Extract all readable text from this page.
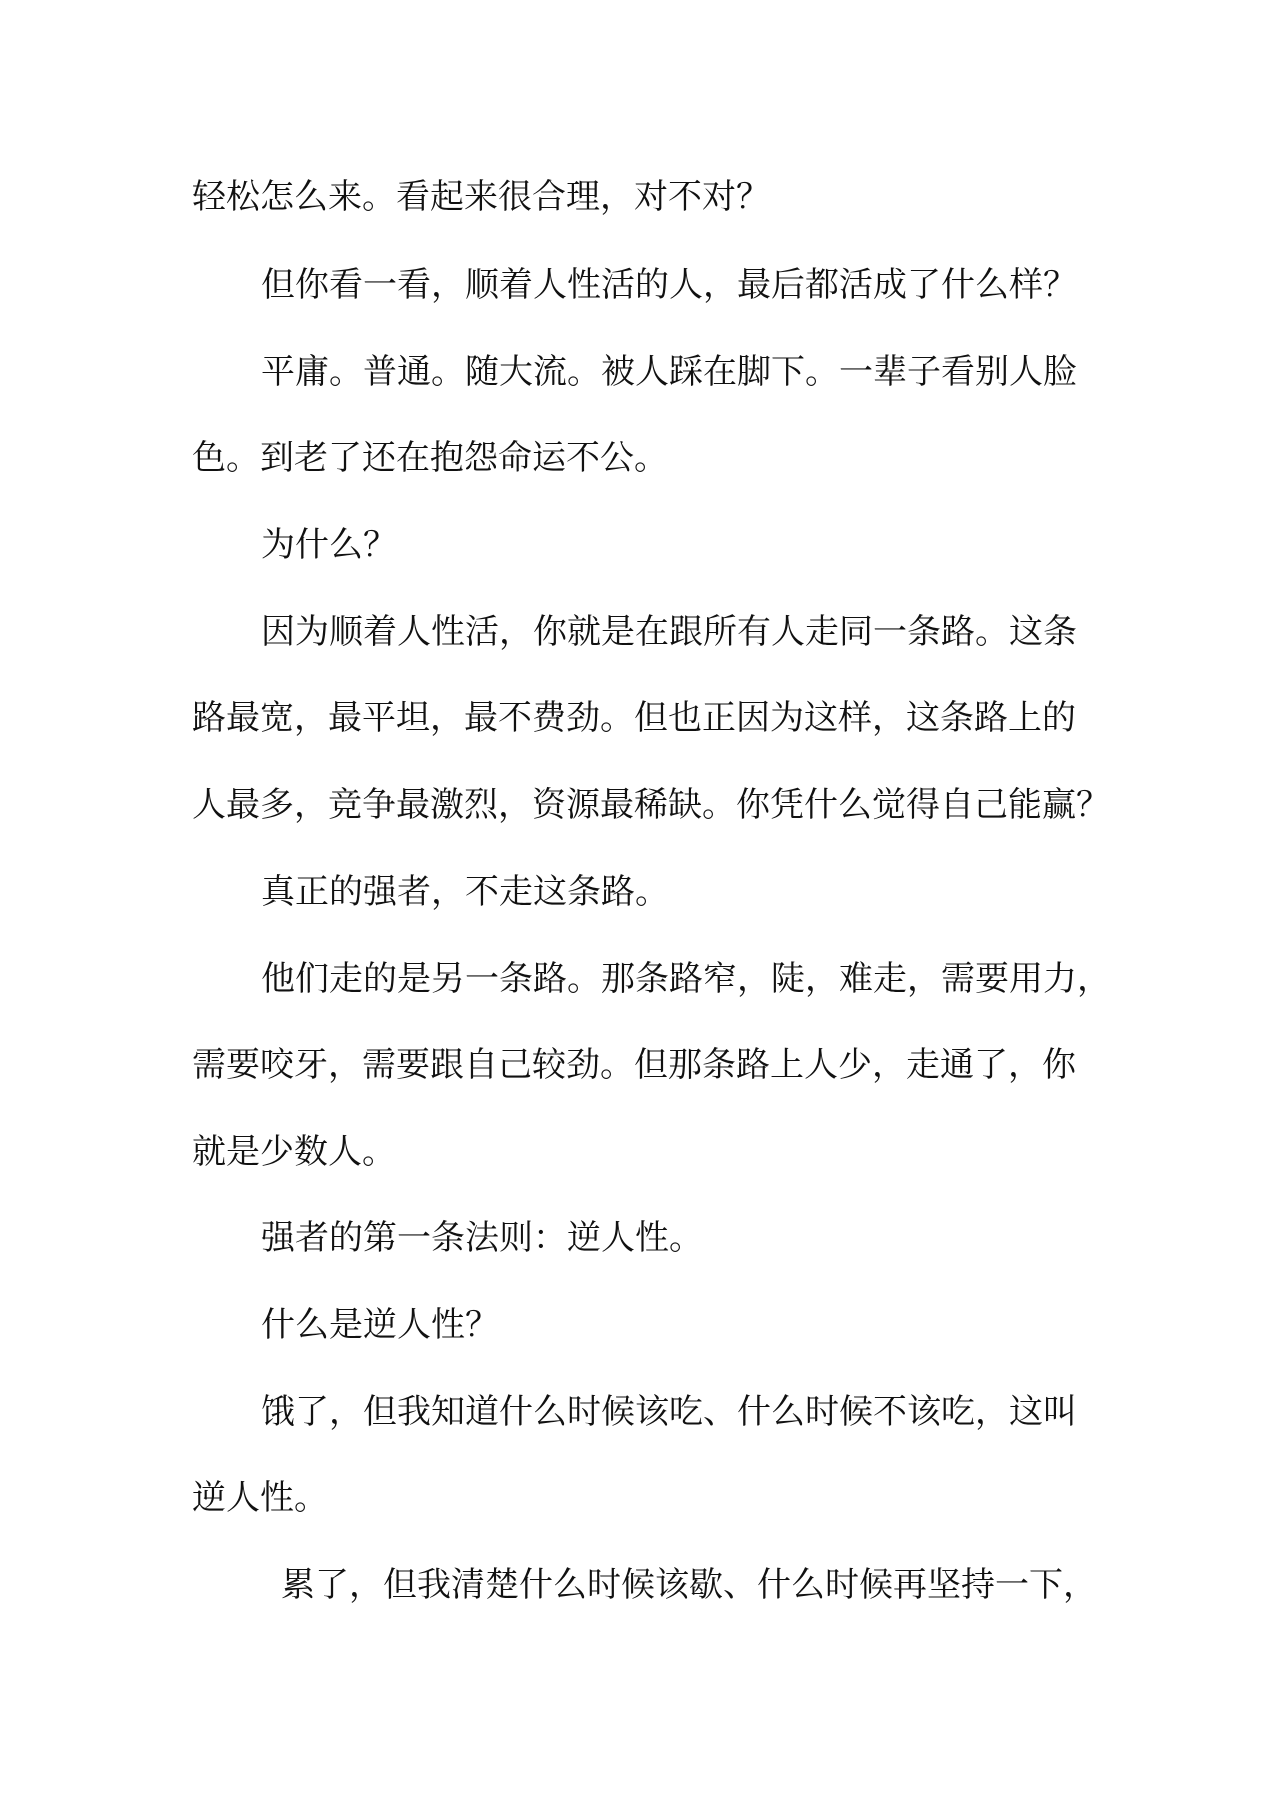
轻松怎么来。看起来很合理，对不对？
但你看一看，顺着人性活的人，最后都活成了什么样？
平庸。普通。随大流。被人踩在脚下。一辈子看别人脸
色。到老了还在抱怨命运不公。
为什么？
因为顺着人性活，你就是在跟所有人走同一条路。这条
路最宽，最平坦，最不费劲。但也正因为这样，这条路上的
人最多，竞争最激烈，资源最稀缺。你凭什么觉得自己能赢？
真正的强者，不走这条路。
他们走的是另一条路。那条路窄，陡，难走，需要用力，
需要咬牙，需要跟自己较劲。但那条路上人少，走通了，你
就是少数人。
强者的第一条法则：逆人性。
什么是逆人性？
饿了，但我知道什么时候该吃、什么时候不该吃，这叫
逆人性。
累了，但我清楚什么时候该歇、什么时候再坚持一下，
